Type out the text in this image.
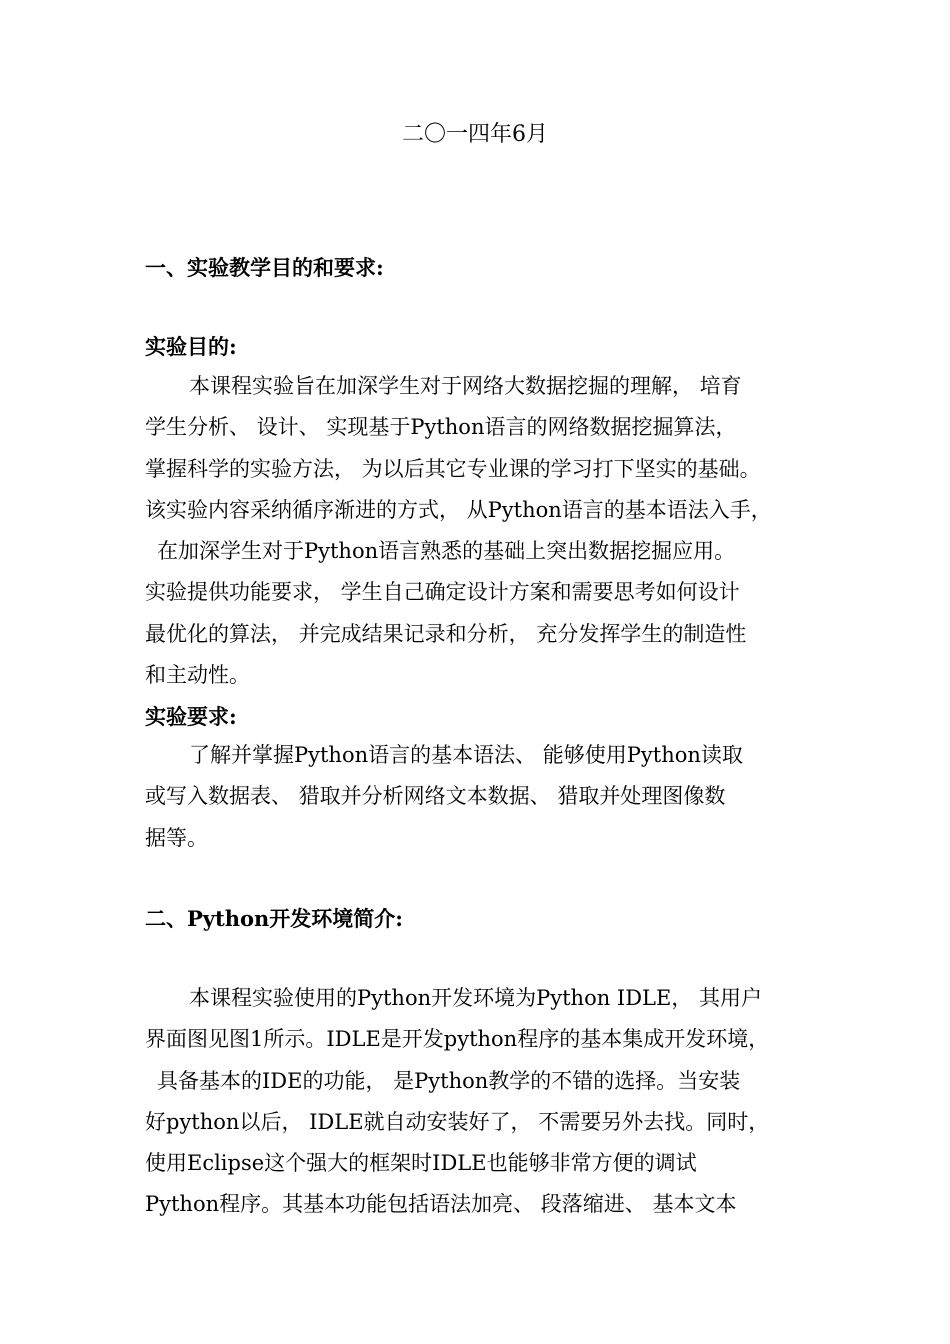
二〇一四年6月
一、实验教学目的和要求:
实验目的:
本课程实验旨在加深学生对于网络大数据挖掘的理解， 培育
学生分析、 设计、 实现基于Python语言的网络数据挖掘算法，
掌握科学的实验方法， 为以后其它专业课的学习打下坚实的基础。
该实验内容采纳循序渐进的方式， 从Python语言的基本语法入手，
在加深学生对于Python语言熟悉的基础上突出数据挖掘应用。
实验提供功能要求， 学生自己确定设计方案和需要思考如何设计
最优化的算法， 并完成结果记录和分析， 充分发挥学生的制造性
和主动性。
实验要求:
了解并掌握Python语言的基本语法、 能够使用Python读取
或写入数据表、 猎取并分析网络文本数据、 猎取并处理图像数
据等。
二、Python开发环境简介:
本课程实验使用的Python开发环境为Python IDLE， 其用户
界面图见图1所示。IDLE是开发python程序的基本集成开发环境，
具备基本的IDE的功能， 是Python教学的不错的选择。当安装
好python以后， IDLE就自动安装好了， 不需要另外去找。同时，
使用Eclipse这个强大的框架时IDLE也能够非常方便的调试
Python程序。其基本功能包括语法加亮、 段落缩进、 基本文本
